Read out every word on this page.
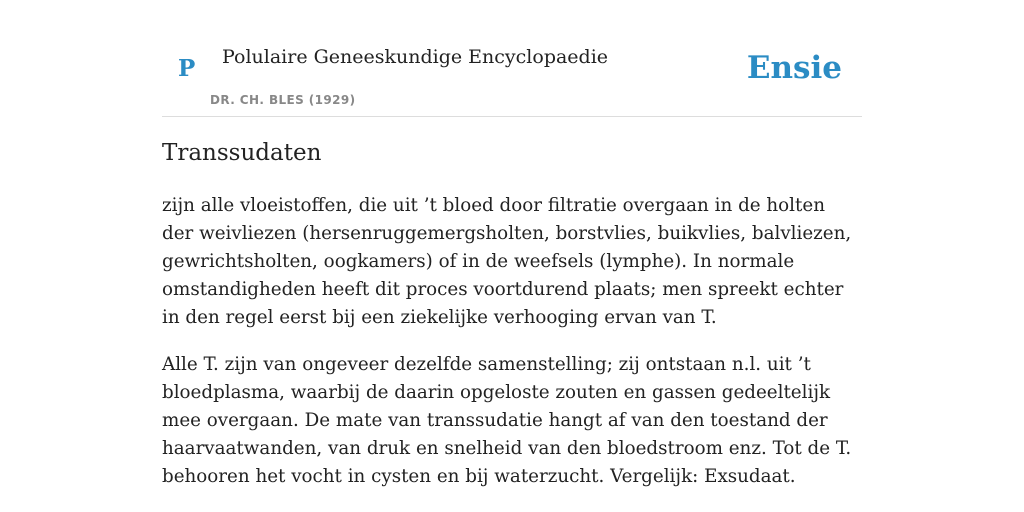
P Polulaire Geneeskundige Encyclopaedie
DR. CH. BLES (1929)
Ensie
Transsudaten

zijn alle vloeistoffen, die uit ’t bloed door filtratie overgaan in de holten der weivliezen (hersenruggemergsholten, borstvlies, buikvlies, balvliezen, gewrichtsholten, oogkamers) of in de weefsels (lymphe). In normale omstandigheden heeft dit proces voortdurend plaats; men spreekt echter in den regel eerst bij een ziekelijke verhooging ervan van T.

Alle T. zijn van ongeveer dezelfde samenstelling; zij ontstaan n.l. uit ’t bloedplasma, waarbij de daarin opgeloste zouten en gassen gedeeltelijk mee overgaan. De mate van transsudatie hangt af van den toestand der haarvaatwanden, van druk en snelheid van den bloedstroom enz. Tot de T. behooren het vocht in cysten en bij waterzucht. Vergelijk: Exsudaat.
